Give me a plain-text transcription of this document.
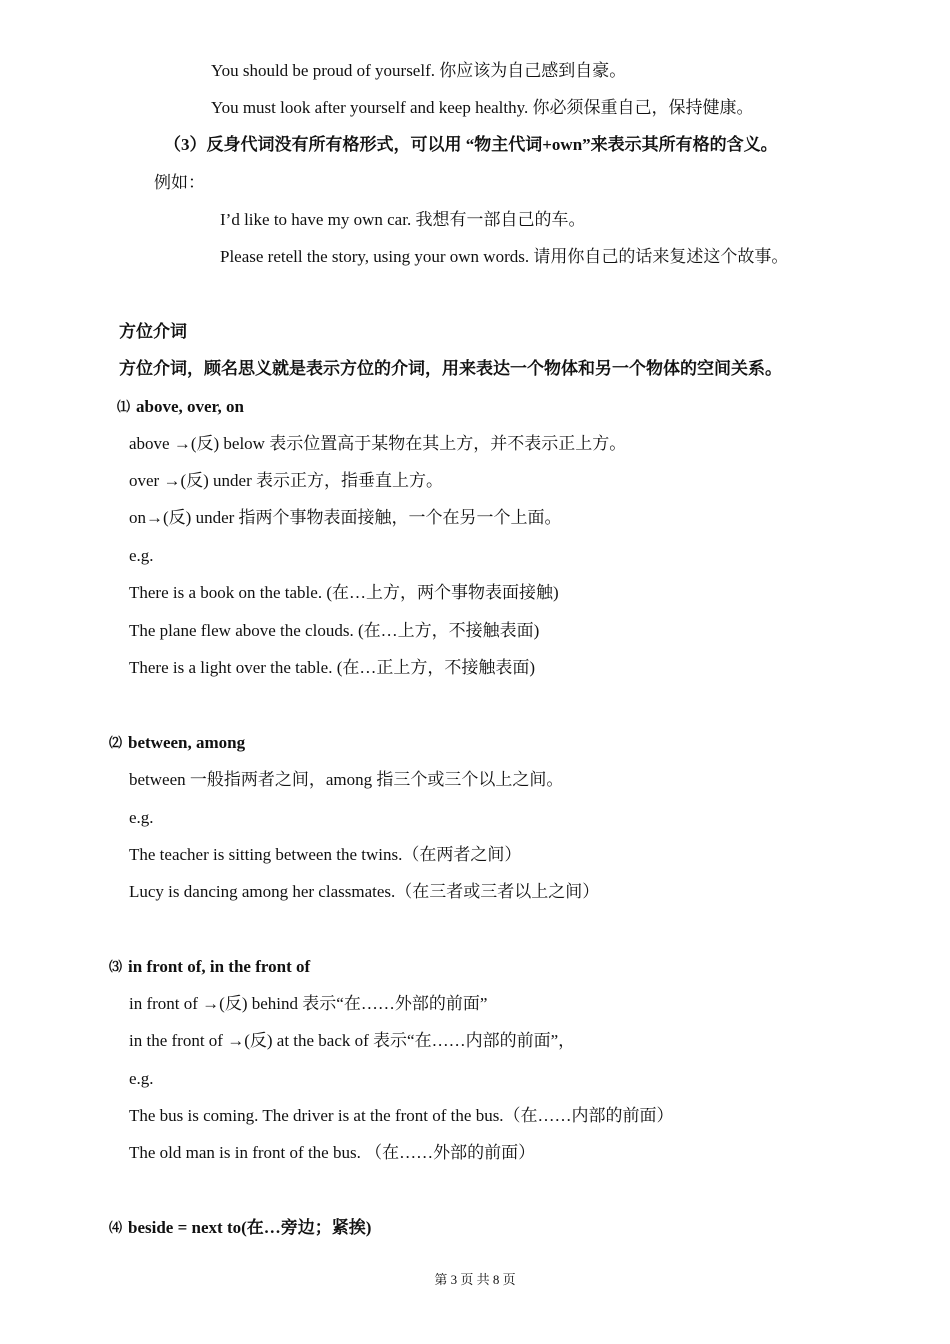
You should be proud of yourself. 你应该为自己感到自豪。
You must look after yourself and keep healthy. 你必须保重自己，保持健康。
（3）反身代词没有所有格形式，可以用 “物主代词+own”来表示其所有格的含义。
例如：
I’d like to have my own car. 我想有一部自己的车。
Please retell the story, using your own words. 请用你自己的话来复述这个故事。
方位介词
方位介词，顾名思义就是表示方位的介词，用来表达一个物体和另一个物体的空间关系。
⑴ above, over, on
above →(反) below 表示位置高于某物在其上方，并不表示正上方。
over →(反) under 表示正方，指垂直上方。
on→(反) under 指两个事物表面接触，一个在另一个上面。
e.g.
There is a book on the table. (在…上方，两个事物表面接触)
The plane flew above the clouds. (在…上方，不接触表面)
There is a light over the table. (在…正上方，不接触表面)
⑵ between, among
between 一般指两者之间，among 指三个或三个以上之间。
e.g.
The teacher is sitting between the twins.（在两者之间）
Lucy is dancing among her classmates.（在三者或三者以上之间）
⑶ in front of, in the front of
in front of →(反) behind 表示“在……外部的前面”
in the front of →(反) at the back of 表示“在……内部的前面”，
e.g.
The bus is coming. The driver is at the front of the bus.（在……内部的前面）
The old man is in front of the bus. （在……外部的前面）
⑷ beside = next to(在…旁边；紧挨)
第 3 页 共 8 页
